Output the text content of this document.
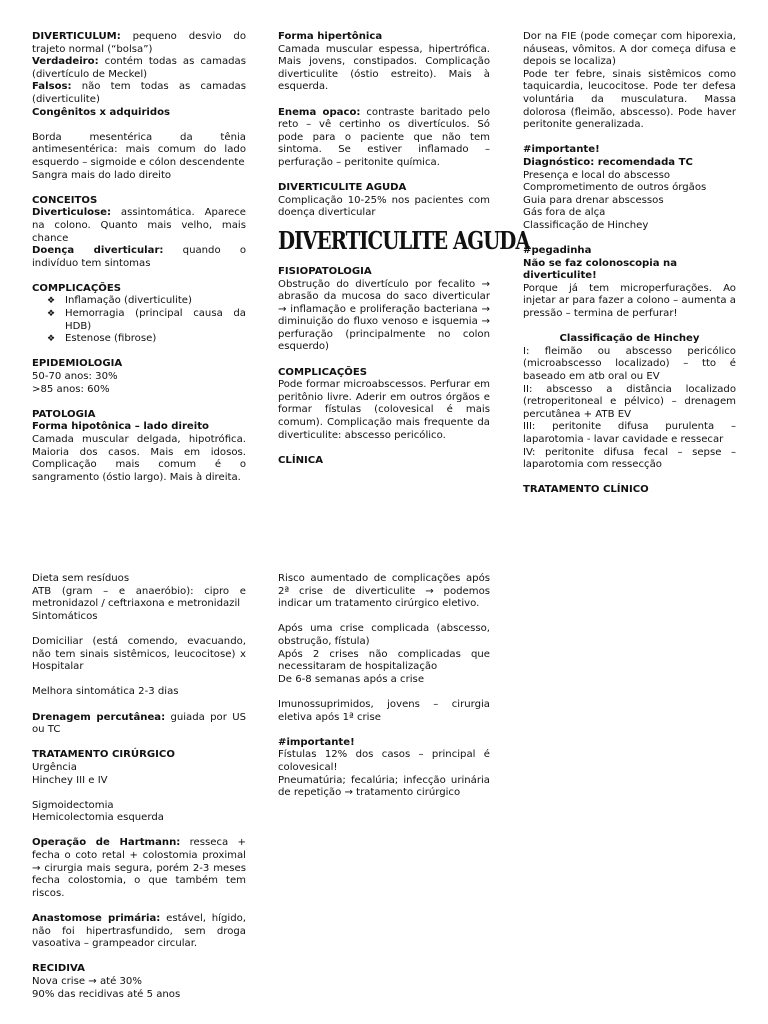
DIVERTICULUM: pequeno desvio do trajeto normal (“bolsa”)

Verdadeiro: contém todas as camadas (divertículo de Meckel)

Falsos: não tem todas as camadas (diverticulite)

Congênitos x adquiridos

Borda mesentérica da tênia antimesentérica: mais comum do lado esquerdo – sigmoide e cólon descendente

Sangra mais do lado direito

CONCEITOS

Diverticulose: assintomática. Aparece na colono. Quanto mais velho, mais chance

Doença diverticular: quando o indivíduo tem sintomas

COMPLICAÇÕES

❖ Inflamação (diverticulite)
❖ Hemorragia (principal causa da HDB)
❖ Estenose (fibrose)

EPIDEMIOLOGIA

50-70 anos: 30%

>85 anos: 60%

PATOLOGIA

Forma hipotônica – lado direito

Camada muscular delgada, hipotrófica. Maioria dos casos. Mais em idosos. Complicação mais comum é o sangramento (óstio largo). Mais à direita.

Forma hipertônica

Camada muscular espessa, hipertrófica. Mais jovens, constipados. Complicação diverticulite (óstio estreito). Mais à esquerda.

Enema opaco: contraste baritado pelo reto – vê certinho os divertículos. Só pode para o paciente que não tem sintoma. Se estiver inflamado – perfuração – peritonite química.

DIVERTICULITE AGUDA

Complicação 10-25% nos pacientes com doença diverticular

DIVERTICULITE AGUDA

FISIOPATOLOGIA

Obstrução do divertículo por fecalito → abrasão da mucosa do saco diverticular → inflamação e proliferação bacteriana → diminuição do fluxo venoso e isquemia → perfuração (principalmente no colon esquerdo)

COMPLICAÇÕES

Pode formar microabscessos. Perfurar em peritônio livre. Aderir em outros órgãos e formar fístulas (colovesical é mais comum). Complicação mais frequente da diverticulite: abscesso pericólico.

CLÍNICA

Dor na FIE (pode começar com hiporexia, náuseas, vômitos. A dor começa difusa e depois se localiza)

Pode ter febre, sinais sistêmicos como taquicardia, leucocitose. Pode ter defesa voluntária da musculatura. Massa dolorosa (fleimão, abscesso). Pode haver peritonite generalizada.

#importante!

Diagnóstico: recomendada TC

Presença e local do abscesso

Comprometimento de outros órgãos

Guia para drenar abscessos

Gás fora de alça

Classificação de Hinchey

#pegadinha

Não se faz colonoscopia na diverticulite!

Porque já tem microperfurações. Ao injetar ar para fazer a colono – aumenta a pressão – termina de perfurar!

Classificação de Hinchey

I: fleimão ou abscesso pericólico (microabscesso localizado) – tto é baseado em atb oral ou EV

II: abscesso a distância localizado (retroperitoneal e pélvico) – drenagem percutânea + ATB EV

III: peritonite difusa purulenta – laparotomia - lavar cavidade e ressecar

IV: peritonite difusa fecal – sepse – laparotomia com ressecção

TRATAMENTO CLÍNICO

Dieta sem resíduos

ATB (gram – e anaeróbio): cipro e metronidazol / ceftriaxona e metronidazil

Sintomáticos

Domiciliar (está comendo, evacuando, não tem sinais sistêmicos, leucocitose) x Hospitalar

Melhora sintomática 2-3 dias

Drenagem percutânea: guiada por US ou TC

TRATAMENTO CIRÚRGICO

Urgência

Hinchey III e IV

Sigmoidectomia

Hemicolectomia esquerda

Operação de Hartmann: resseca + fecha o coto retal + colostomia proximal → cirurgia mais segura, porém 2-3 meses fecha colostomia, o que também tem riscos.

Anastomose primária: estável, hígido, não foi hipertrasfundido, sem droga vasoativa – grampeador circular.

RECIDIVA

Nova crise → até 30%

90% das recidivas até 5 anos

Risco aumentado de complicações após 2ª crise de diverticulite → podemos indicar um tratamento cirúrgico eletivo.

Após uma crise complicada (abscesso, obstrução, fístula)

Após 2 crises não complicadas que necessitaram de hospitalização

De 6-8 semanas após a crise

Imunossuprimidos, jovens – cirurgia eletiva após 1ª crise

#importante!

Fístulas 12% dos casos – principal é colovesical!

Pneumatúria; fecalúria; infecção urinária de repetição → tratamento cirúrgico
